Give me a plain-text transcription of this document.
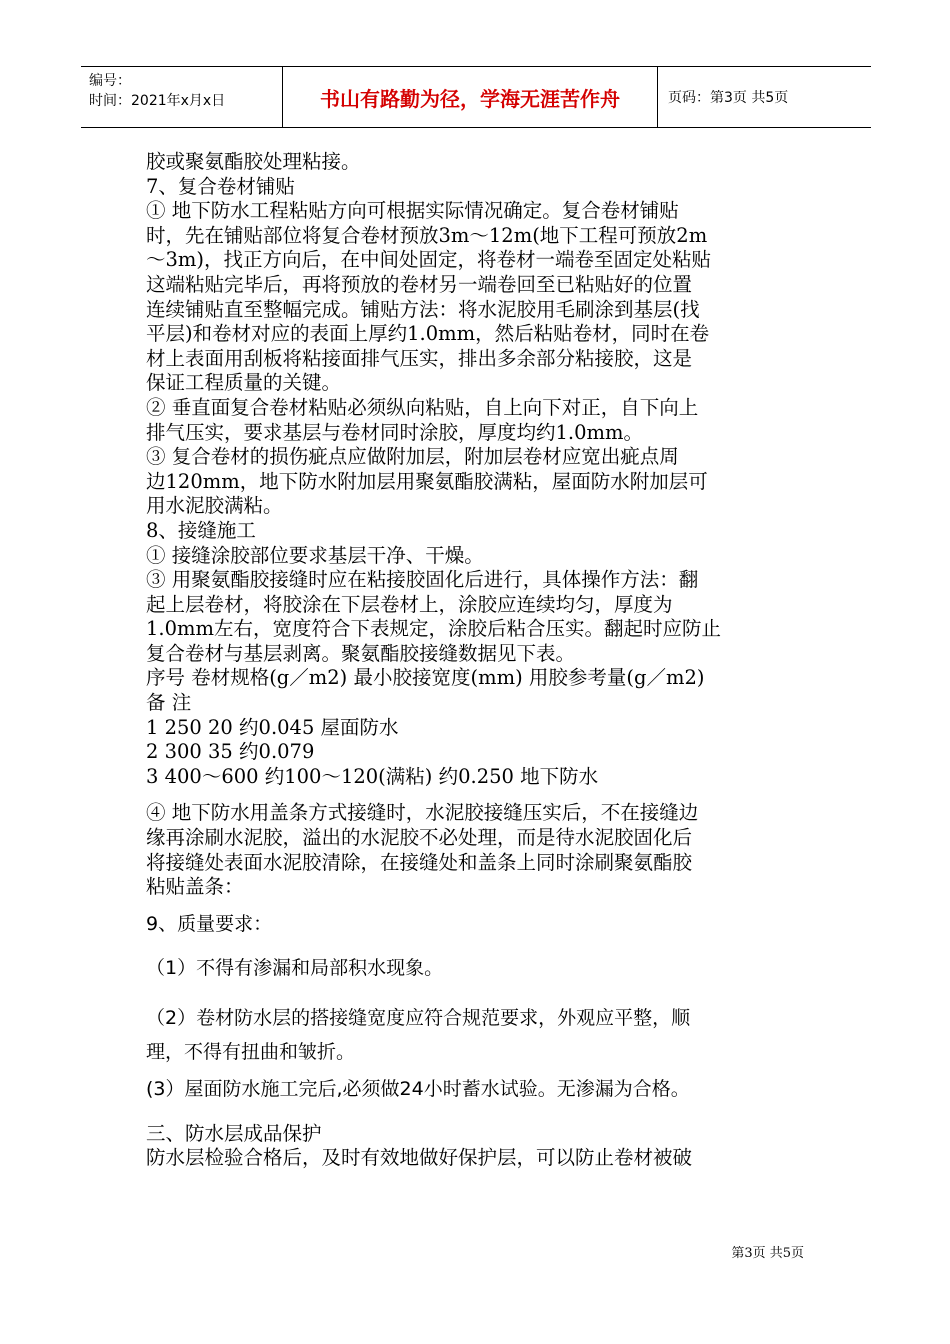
编号：
时间：2021年x月x日	书山有路勤为径，学海无涯苦作舟	页码：第3页 共5页

胶或聚氨酯胶处理粘接。

7、复合卷材铺贴

① 地下防水工程粘贴方向可根据实际情况确定。复合卷材铺贴

时，先在铺贴部位将复合卷材预放3m～12m(地下工程可预放2m

～3m)，找正方向后，在中间处固定，将卷材一端卷至固定处粘贴

这端粘贴完毕后，再将预放的卷材另一端卷回至已粘贴好的位置

连续铺贴直至整幅完成。铺贴方法：将水泥胶用毛刷涂到基层(找

平层)和卷材对应的表面上厚约1.0mm，然后粘贴卷材，同时在卷

材上表面用刮板将粘接面排气压实，排出多余部分粘接胶，这是

保证工程质量的关键。

② 垂直面复合卷材粘贴必须纵向粘贴，自上向下对正，自下向上

排气压实，要求基层与卷材同时涂胶，厚度均约1.0mm。

③ 复合卷材的损伤疵点应做附加层，附加层卷材应宽出疵点周

边120mm，地下防水附加层用聚氨酯胶满粘，屋面防水附加层可

用水泥胶满粘。

8、接缝施工

① 接缝涂胶部位要求基层干净、干燥。

③ 用聚氨酯胶接缝时应在粘接胶固化后进行，具体操作方法：翻

起上层卷材，将胶涂在下层卷材上，涂胶应连续均匀，厚度为

1.0mm左右，宽度符合下表规定，涂胶后粘合压实。翻起时应防止

复合卷材与基层剥离。聚氨酯胶接缝数据见下表。

序号 卷材规格(g／m2) 最小胶接宽度(mm) 用胶参考量(g／m2)

备 注

1 250 20 约0.045 屋面防水

2 300 35 约0.079

3 400～600 约100～120(满粘) 约0.250 地下防水

④ 地下防水用盖条方式接缝时，水泥胶接缝压实后，不在接缝边

缘再涂刷水泥胶，溢出的水泥胶不必处理，而是待水泥胶固化后

将接缝处表面水泥胶清除，在接缝处和盖条上同时涂刷聚氨酯胶

粘贴盖条：

9、质量要求：

（1）不得有渗漏和局部积水现象。

（2）卷材防水层的搭接缝宽度应符合规范要求，外观应平整，顺

理，不得有扭曲和皱折。

(3）屋面防水施工完后,必须做24小时蓄水试验。无渗漏为合格。

三、防水层成品保护

防水层检验合格后，及时有效地做好保护层，可以防止卷材被破

第3页 共5页
